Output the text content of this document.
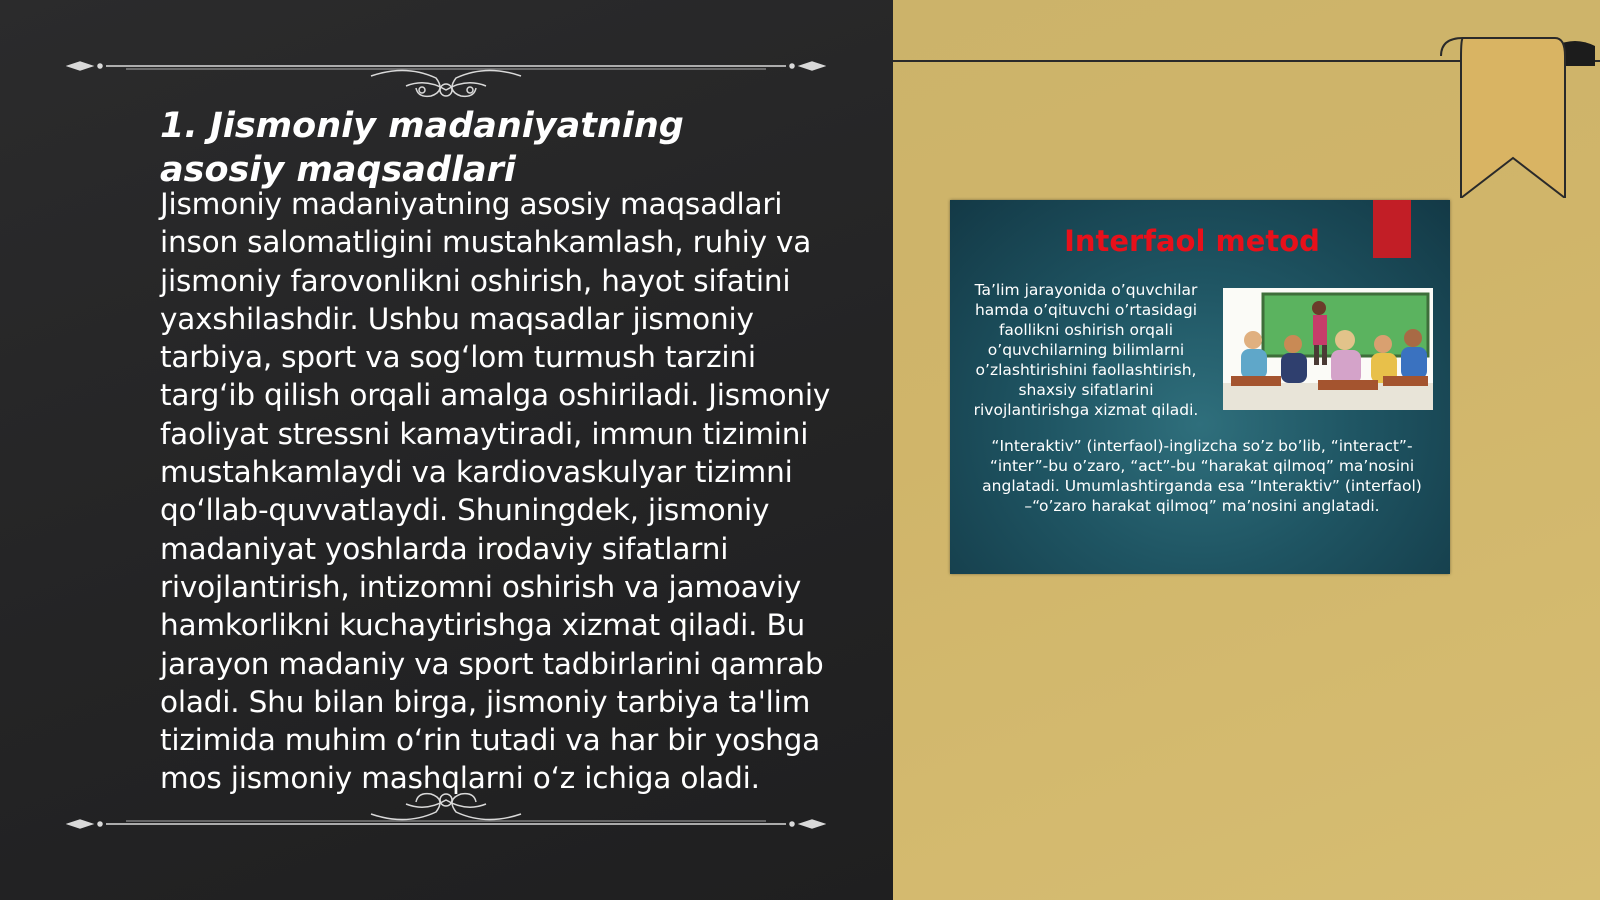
1. Jismoniy madaniyatning asosiy maqsadlari

Jismoniy madaniyatning asosiy maqsadlari inson salomatligini mustahkamlash, ruhiy va jismoniy farovonlikni oshirish, hayot sifatini yaxshilashdir. Ushbu maqsadlar jismoniy tarbiya, sport va sog‘lom turmush tarzini targ‘ib qilish orqali amalga oshiriladi. Jismoniy faoliyat stressni kamaytiradi, immun tizimini mustahkamlaydi va kardiovaskulyar tizimni qo‘llab-quvvatlaydi. Shuningdek, jismoniy madaniyat yoshlarda irodaviy sifatlarni rivojlantirish, intizomni oshirish va jamoaviy hamkorlikni kuchaytirishga xizmat qiladi. Bu jarayon madaniy va sport tadbirlarini qamrab oladi. Shu bilan birga, jismoniy tarbiya ta'lim tizimida muhim o‘rin tutadi va har bir yoshga mos jismoniy mashqlarni o‘z ichiga oladi.

Interfaol metod

Ta’lim jarayonida o’quvchilar hamda o’qituvchi o’rtasidagi faollikni oshirish orqali o’quvchilarning bilimlarni o’zlashtirishini faollashtirish, shaxsiy sifatlarini rivojlantirishga xizmat qiladi.

“Interaktiv” (interfaol)-inglizcha so’z bo’lib, “interact”- “inter”-bu o’zaro, “act”-bu “harakat qilmoq” ma’nosini anglatadi. Umumlashtirganda esa “Interaktiv” (interfaol) –“o’zaro harakat qilmoq” ma’nosini anglatadi.
